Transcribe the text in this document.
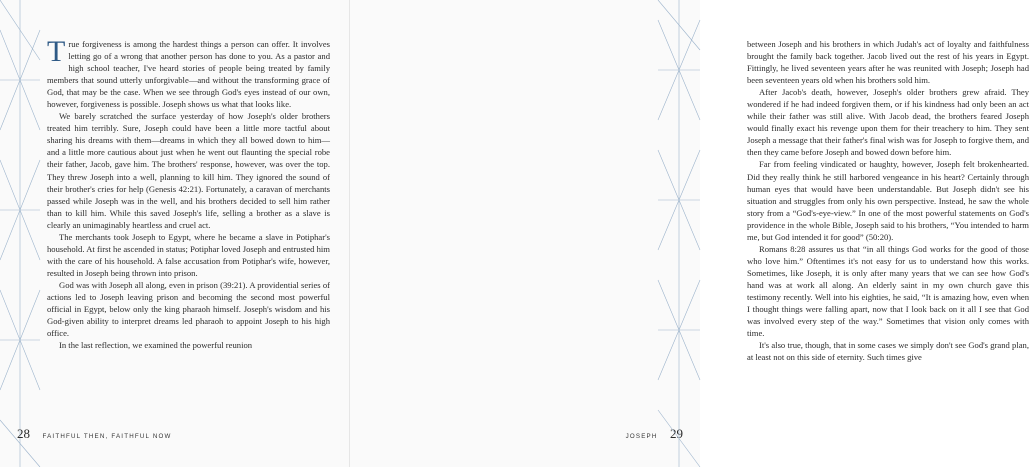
True forgiveness is among the hardest things a person can offer. It involves letting go of a wrong that another person has done to you. As a pastor and high school teacher, I've heard stories of people being treated by family members that sound utterly unforgivable—and without the transforming grace of God, that may be the case. When we see through God's eyes instead of our own, however, forgiveness is possible. Joseph shows us what that looks like.

We barely scratched the surface yesterday of how Joseph's older brothers treated him terribly. Sure, Joseph could have been a little more tactful about sharing his dreams with them—dreams in which they all bowed down to him—and a little more cautious about just when he went out flaunting the special robe their father, Jacob, gave him. The brothers' response, however, was over the top. They threw Joseph into a well, planning to kill him. They ignored the sound of their brother's cries for help (Genesis 42:21). Fortunately, a caravan of merchants passed while Joseph was in the well, and his brothers decided to sell him rather than to kill him. While this saved Joseph's life, selling a brother as a slave is clearly an unimaginably heartless and cruel act.

The merchants took Joseph to Egypt, where he became a slave in Potiphar's household. At first he ascended in status; Potiphar loved Joseph and entrusted him with the care of his household. A false accusation from Potiphar's wife, however, resulted in Joseph being thrown into prison.

God was with Joseph all along, even in prison (39:21). A providential series of actions led to Joseph leaving prison and becoming the second most powerful official in Egypt, below only the king pharaoh himself. Joseph's wisdom and his God-given ability to interpret dreams led pharaoh to appoint Joseph to his high office.

In the last reflection, we examined the powerful reunion

28 FAITHFUL THEN, FAITHFUL NOW

between Joseph and his brothers in which Judah's act of loyalty and faithfulness brought the family back together. Jacob lived out the rest of his years in Egypt. Fittingly, he lived seventeen years after he was reunited with Joseph; Joseph had been seventeen years old when his brothers sold him.

After Jacob's death, however, Joseph's older brothers grew afraid. They wondered if he had indeed forgiven them, or if his kindness had only been an act while their father was still alive. With Jacob dead, the brothers feared Joseph would finally exact his revenge upon them for their treachery to him. They sent Joseph a message that their father's final wish was for Joseph to forgive them, and then they came before Joseph and bowed down before him.

Far from feeling vindicated or haughty, however, Joseph felt brokenhearted. Did they really think he still harbored vengeance in his heart? Certainly through human eyes that would have been understandable. But Joseph didn't see his situation and struggles from only his own perspective. Instead, he saw the whole story from a “God's-eye-view.” In one of the most powerful statements on God's providence in the whole Bible, Joseph said to his brothers, “You intended to harm me, but God intended it for good” (50:20).

Romans 8:28 assures us that “in all things God works for the good of those who love him.” Oftentimes it's not easy for us to understand how this works. Sometimes, like Joseph, it is only after many years that we can see how God's hand was at work all along. An elderly saint in my own church gave this testimony recently. Well into his eighties, he said, “It is amazing how, even when I thought things were falling apart, now that I look back on it all I see that God was involved every step of the way.” Sometimes that vision only comes with time.

It's also true, though, that in some cases we simply don't see God's grand plan, at least not on this side of eternity. Such times give

JOSEPH 29
